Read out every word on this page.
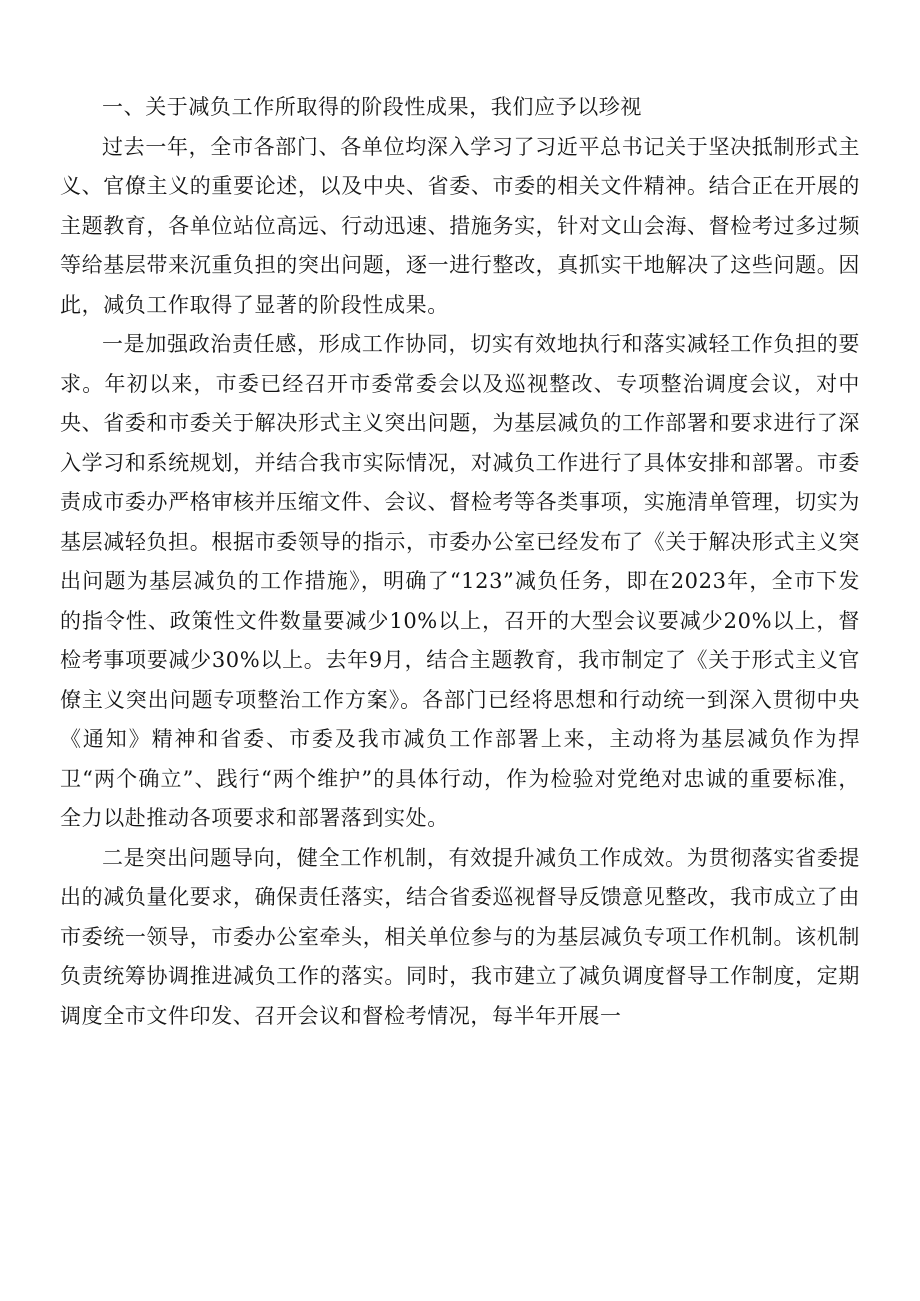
一、关于减负工作所取得的阶段性成果，我们应予以珍视

过去一年，全市各部门、各单位均深入学习了习近平总书记关于坚决抵制形式主义、官僚主义的重要论述，以及中央、省委、市委的相关文件精神。结合正在开展的主题教育，各单位站位高远、行动迅速、措施务实，针对文山会海、督检考过多过频等给基层带来沉重负担的突出问题，逐一进行整改，真抓实干地解决了这些问题。因此，减负工作取得了显著的阶段性成果。

一是加强政治责任感，形成工作协同，切实有效地执行和落实减轻工作负担的要求。年初以来，市委已经召开市委常委会以及巡视整改、专项整治调度会议，对中央、省委和市委关于解决形式主义突出问题，为基层减负的工作部署和要求进行了深入学习和系统规划，并结合我市实际情况，对减负工作进行了具体安排和部署。市委责成市委办严格审核并压缩文件、会议、督检考等各类事项，实施清单管理，切实为基层减轻负担。根据市委领导的指示，市委办公室已经发布了《关于解决形式主义突出问题为基层减负的工作措施》，明确了“123”减负任务，即在2023年，全市下发的指令性、政策性文件数量要减少10%以上，召开的大型会议要减少20%以上，督检考事项要减少30%以上。去年9月，结合主题教育，我市制定了《关于形式主义官僚主义突出问题专项整治工作方案》。各部门已经将思想和行动统一到深入贯彻中央《通知》精神和省委、市委及我市减负工作部署上来，主动将为基层减负作为捍卫“两个确立”、践行“两个维护”的具体行动，作为检验对党绝对忠诚的重要标准，全力以赴推动各项要求和部署落到实处。

二是突出问题导向，健全工作机制，有效提升减负工作成效。为贯彻落实省委提出的减负量化要求，确保责任落实，结合省委巡视督导反馈意见整改，我市成立了由市委统一领导，市委办公室牵头，相关单位参与的为基层减负专项工作机制。该机制负责统筹协调推进减负工作的落实。同时，我市建立了减负调度督导工作制度，定期调度全市文件印发、召开会议和督检考情况，每半年开展一
